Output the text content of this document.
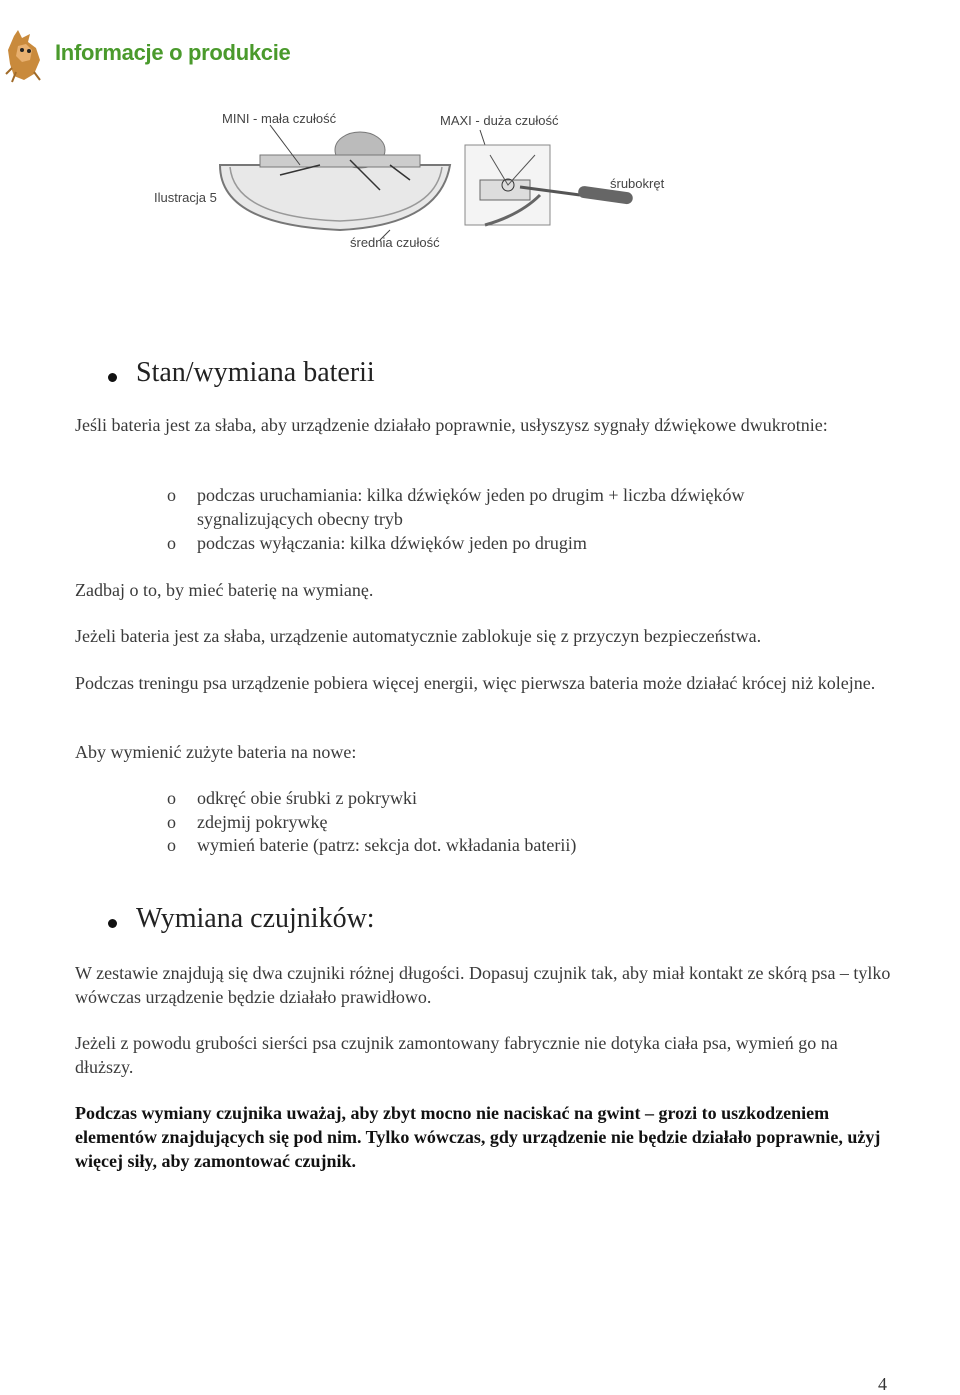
Informacje o produkcie
MINI - mała czułość	MAXI - duża czułość
Ilustracja 5
śrubokręt
średnia czułość
Stan/wymiana baterii
Jeśli bateria jest za słaba, aby urządzenie działało poprawnie, usłyszysz sygnały dźwiękowe dwukrotnie:
o podczas uruchamiania: kilka dźwięków jeden po drugim + liczba dźwięków sygnalizujących obecny tryb
o podczas wyłączania: kilka dźwięków jeden po drugim
Zadbaj o to, by mieć baterię na wymianę.
Jeżeli bateria jest za słaba, urządzenie automatycznie zablokuje się z przyczyn bezpieczeństwa.
Podczas treningu psa urządzenie pobiera więcej energii, więc pierwsza bateria może działać krócej niż kolejne.
Aby wymienić zużyte bateria na nowe:
o odkręć obie śrubki z pokrywki
o zdejmij pokrywkę
o wymień baterie (patrz: sekcja dot. wkładania baterii)
Wymiana czujników:
W zestawie znajdują się dwa czujniki różnej długości. Dopasuj czujnik tak, aby miał kontakt ze skórą psa – tylko wówczas urządzenie będzie działało prawidłowo.
Jeżeli z powodu grubości sierści psa czujnik zamontowany fabrycznie nie dotyka ciała psa, wymień go na dłuższy.
Podczas wymiany czujnika uważaj, aby zbyt mocno nie naciskać na gwint – grozi to uszkodzeniem elementów znajdujących się pod nim. Tylko wówczas, gdy urządzenie nie będzie działało poprawnie, użyj więcej siły, aby zamontować czujnik.
4
